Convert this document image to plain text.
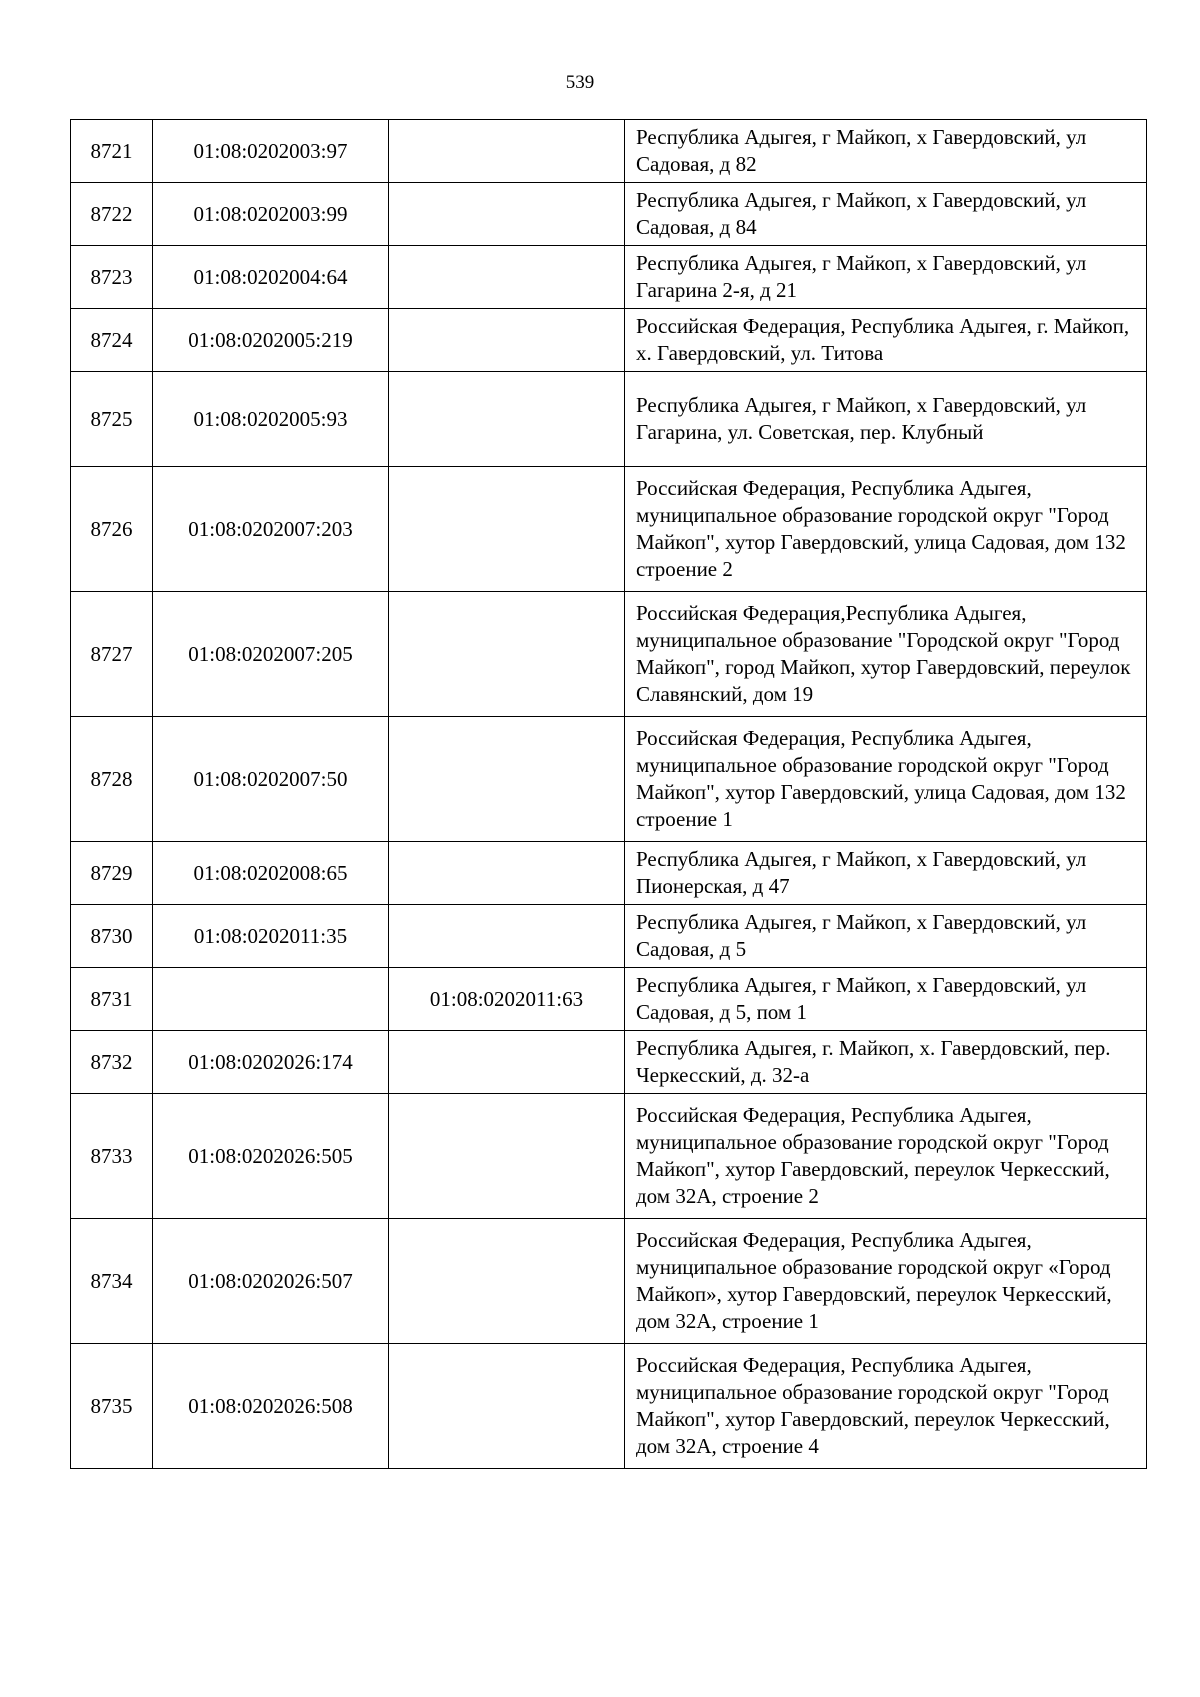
539
8721	01:08:0202003:97		Республика Адыгея, г Майкоп, х Гавердовский, ул Садовая, д 82
8722	01:08:0202003:99		Республика Адыгея, г Майкоп, х Гавердовский, ул Садовая, д 84
8723	01:08:0202004:64		Республика Адыгея, г Майкоп, х Гавердовский, ул Гагарина 2-я, д 21
8724	01:08:0202005:219		Российская Федерация, Республика Адыгея, г. Майкоп, х. Гавердовский, ул. Титова
8725	01:08:0202005:93		Республика Адыгея, г Майкоп, х Гавердовский, ул Гагарина, ул. Советская, пер. Клубный
8726	01:08:0202007:203		Российская Федерация, Республика Адыгея, муниципальное образование городской округ "Город Майкоп", хутор Гавердовский, улица Садовая, дом 132 строение 2
8727	01:08:0202007:205		Российская Федерация,Республика Адыгея, муниципальное образование "Городской округ "Город Майкоп", город Майкоп, хутор Гавердовский, переулок Славянский, дом 19
8728	01:08:0202007:50		Российская Федерация, Республика Адыгея, муниципальное образование городской округ "Город Майкоп", хутор Гавердовский, улица Садовая, дом 132 строение 1
8729	01:08:0202008:65		Республика Адыгея, г Майкоп, х Гавердовский, ул Пионерская, д 47
8730	01:08:0202011:35		Республика Адыгея, г Майкоп, х Гавердовский, ул Садовая, д 5
8731		01:08:0202011:63	Республика Адыгея, г Майкоп, х Гавердовский, ул Садовая, д 5, пом 1
8732	01:08:0202026:174		Республика Адыгея, г. Майкоп, х. Гавердовский, пер. Черкесский, д. 32-а
8733	01:08:0202026:505		Российская Федерация, Республика Адыгея, муниципальное образование городской округ "Город Майкоп", хутор Гавердовский, переулок Черкесский, дом 32А, строение 2
8734	01:08:0202026:507		Российская Федерация, Республика Адыгея, муниципальное образование городской округ «Город Майкоп», хутор Гавердовский, переулок Черкесский, дом 32А, строение 1
8735	01:08:0202026:508		Российская Федерация, Республика Адыгея, муниципальное образование городской округ "Город Майкоп", хутор Гавердовский, переулок Черкесский, дом 32А, строение 4
